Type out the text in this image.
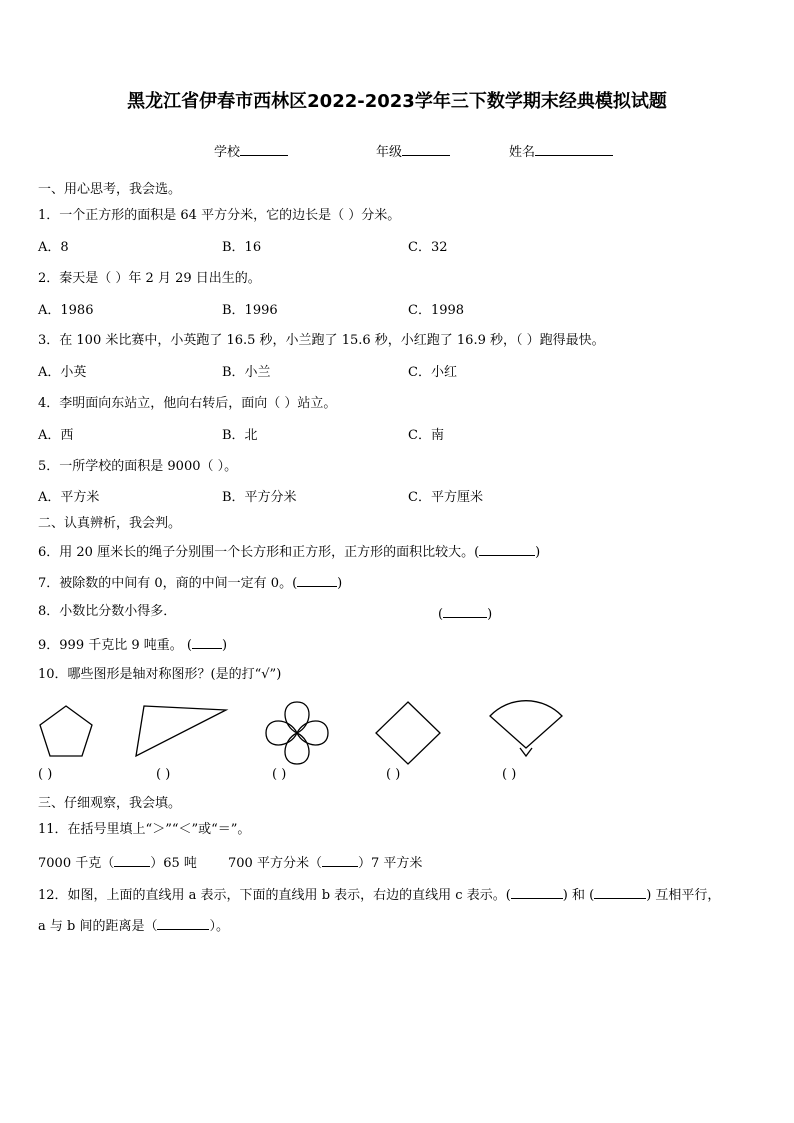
黑龙江省伊春市西林区2022-2023学年三下数学期末经典模拟试题
学校	年级	姓名
一、用心思考，我会选。
1．一个正方形的面积是 64 平方分米，它的边长是（ ）分米。
A．8	B．16	C．32
2．秦天是（ ）年 2 月 29 日出生的。
A．1986	B．1996	C．1998
3．在 100 米比赛中，小英跑了 16.5 秒，小兰跑了 15.6 秒，小红跑了 16.9 秒，（ ）跑得最快。
A．小英	B．小兰	C．小红
4．李明面向东站立，他向右转后，面向（ ）站立。
A．西	B．北	C．南
5．一所学校的面积是 9000（ ）。
A．平方米	B．平方分米	C．平方厘米
二、认真辨析，我会判。
6．用 20 厘米长的绳子分别围一个长方形和正方形，正方形的面积比较大。(	)
7．被除数的中间有 0，商的中间一定有 0。(	)
8．小数比分数小得多．	(	)
9．999 千克比 9 吨重。 ( )
10．哪些图形是轴对称图形？(是的打“√”)
( )	( )	( )	( )	( )
三、仔细观察，我会填。
11．在括号里填上“＞”“＜”或“＝”。
7000 千克（	）65 吨 700 平方分米（	）7 平方米
12．如图，上面的直线用 a 表示，下面的直线用 b 表示，右边的直线用 c 表示。(	) 和 (	) 互相平行，
a 与 b 间的距离是（	）。
